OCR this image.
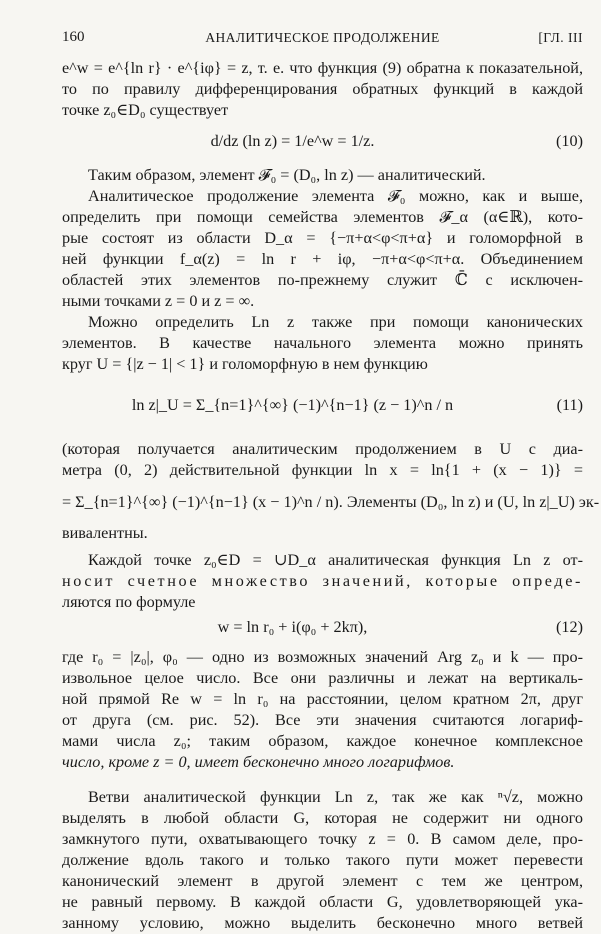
160	АНАЛИТИЧЕСКОЕ ПРОДОЛЖЕНИЕ	[ГЛ. III
e^w = e^{ln r} · e^{iφ} = z, т. е. что функция (9) обратна к показательной,
то по правилу дифференцирования обратных функций в каждой
точке z₀∈D₀ существует
d/dz (ln z) = 1/e^w = 1/z.	(10)
Таким образом, элемент 𝓕₀ = (D₀, ln z) — аналитический.
Аналитическое продолжение элемента 𝓕₀ можно, как и выше,
определить при помощи семейства элементов 𝓕_α (α∈ℝ), кото-
рые состоят из области D_α = {−π+α<φ<π+α} и голоморфной в
ней функции f_α(z) = ln r + iφ, −π+α<φ<π+α. Объединением
областей этих элементов по-прежнему служит ℂ̄ с исключен-
ными точками z = 0 и z = ∞.
Можно определить Ln z также при помощи канонических
элементов. В качестве начального элемента можно принять
круг U = {|z − 1| < 1} и голоморфную в нем функцию
ln z|_U = Σ_{n=1}^{∞} (−1)^{n−1} (z − 1)^n / n	(11)
(которая получается аналитическим продолжением в U с диа-
метра (0, 2) действительной функции ln x = ln{1 + (x − 1)} =
= Σ_{n=1}^{∞} (−1)^{n−1} (x − 1)^n / n). Элементы (D₀, ln z) и (U, ln z|_U) эк-
вивалентны.
Каждой точке z₀∈D = ∪D_α аналитическая функция Ln z от-
носит счетное множество значений, которые опреде-
ляются по формуле
w = ln r₀ + i(φ₀ + 2kπ),	(12)
где r₀ = |z₀|, φ₀ — одно из возможных значений Arg z₀ и k — про-
извольное целое число. Все они различны и лежат на вертикаль-
ной прямой Re w = ln r₀ на расстоянии, целом кратном 2π, друг
от друга (см. рис. 52). Все эти значения считаются логариф-
мами числа z₀; таким образом, каждое конечное комплексное
число, кроме z = 0, имеет бесконечно много логарифмов.
Ветви аналитической функции Ln z, так же как ⁿ√z, можно
выделять в любой области G, которая не содержит ни одного
замкнутого пути, охватывающего точку z = 0. В самом деле, про-
должение вдоль такого и только такого пути может перевести
канонический элемент в другой элемент с тем же центром,
не равный первому. В каждой области G, удовлетворяющей ука-
занному условию, можно выделить бесконечно много ветвей
